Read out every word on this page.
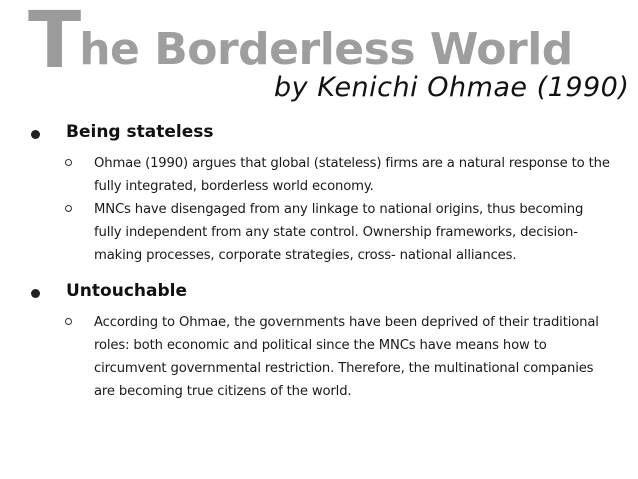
The Borderless World
by Kenichi Ohmae (1990)
Being stateless
Ohmae (1990) argues that global (stateless) firms are a natural response to the fully integrated, borderless world economy.
MNCs have disengaged from any linkage to national origins, thus becoming fully independent from any state control. Ownership frameworks, decision-making processes, corporate strategies, cross- national alliances.
Untouchable
According to Ohmae, the governments have been deprived of their traditional roles: both economic and political since the MNCs have means how to circumvent governmental restriction. Therefore, the multinational companies are becoming true citizens of the world.
